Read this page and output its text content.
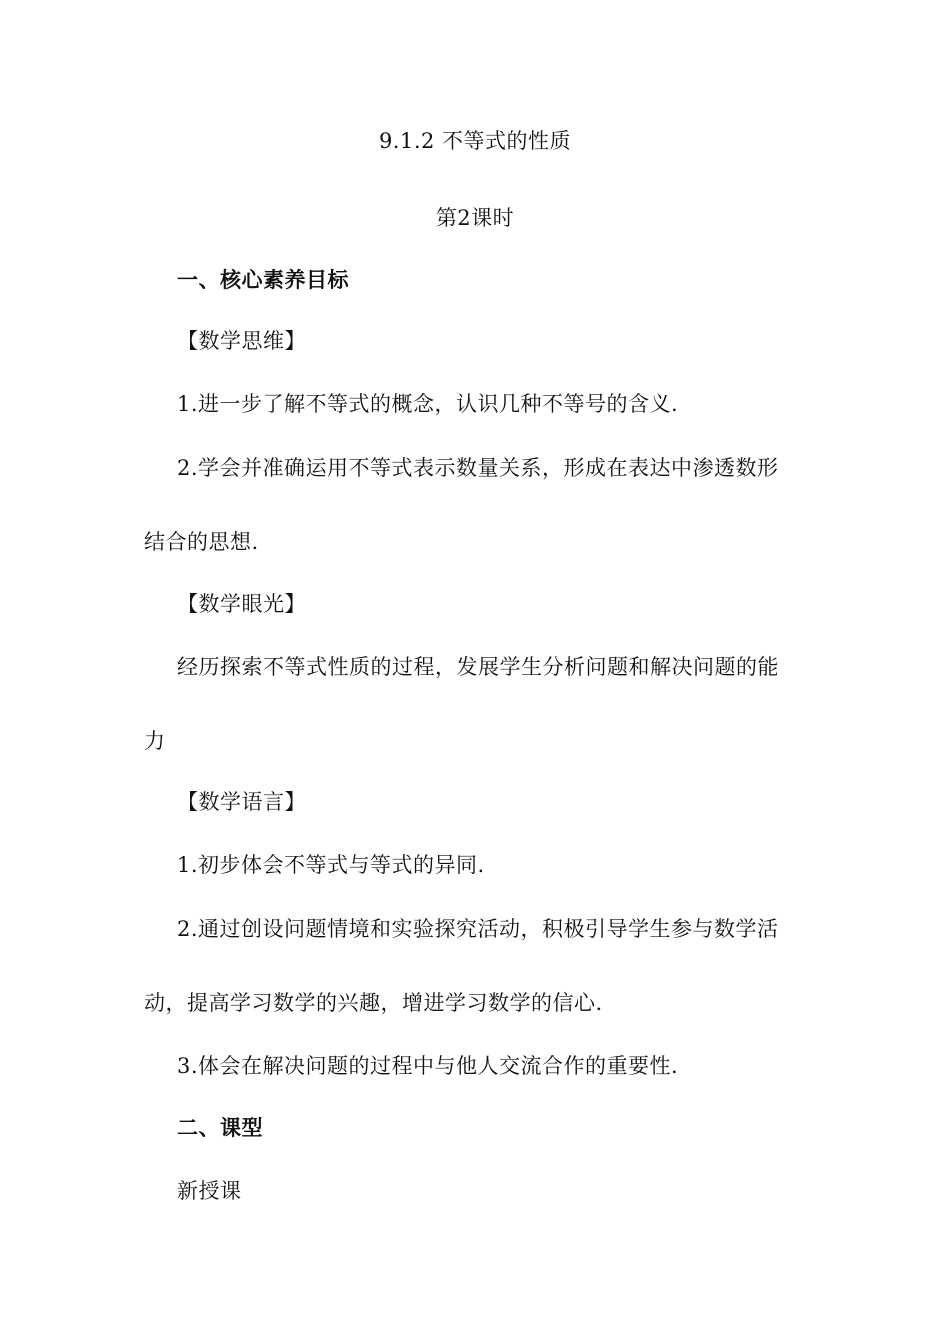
9.1.2 不等式的性质
第2课时
一、核心素养目标
【数学思维】
1.进一步了解不等式的概念，认识几种不等号的含义.
2.学会并准确运用不等式表示数量关系，形成在表达中渗透数形
结合的思想.
【数学眼光】
经历探索不等式性质的过程，发展学生分析问题和解决问题的能
力
【数学语言】
1.初步体会不等式与等式的异同.
2.通过创设问题情境和实验探究活动，积极引导学生参与数学活
动，提高学习数学的兴趣，增进学习数学的信心.
3.体会在解决问题的过程中与他人交流合作的重要性.
二、课型
新授课
